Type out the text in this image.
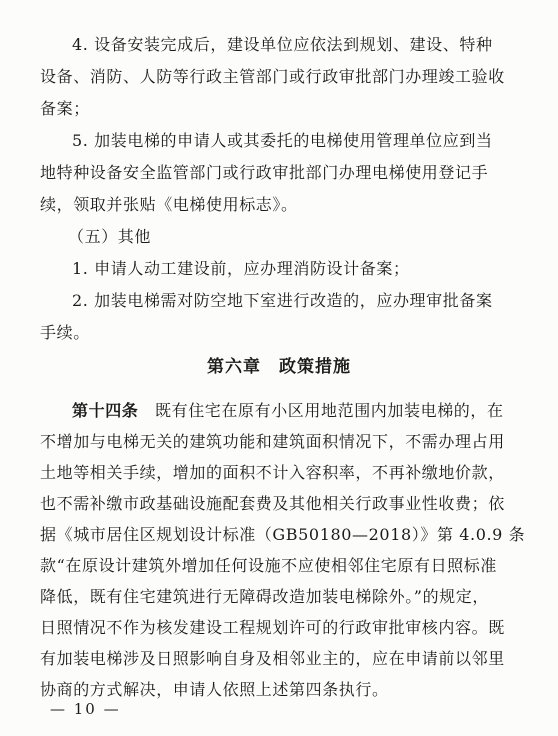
4. 设备安装完成后，建设单位应依法到规划、建设、特种
设备、消防、人防等行政主管部门或行政审批部门办理竣工验收
备案；
5. 加装电梯的申请人或其委托的电梯使用管理单位应到当
地特种设备安全监管部门或行政审批部门办理电梯使用登记手
续，领取并张贴《电梯使用标志》。
（五）其他
1. 申请人动工建设前，应办理消防设计备案；
2. 加装电梯需对防空地下室进行改造的，应办理审批备案
手续。
第六章　政策措施
第十四条　既有住宅在原有小区用地范围内加装电梯的，在
不增加与电梯无关的建筑功能和建筑面积情况下，不需办理占用
土地等相关手续，增加的面积不计入容积率，不再补缴地价款，
也不需补缴市政基础设施配套费及其他相关行政事业性收费；依
据《城市居住区规划设计标准（GB50180—2018）》第 4.0.9 条
款“在原设计建筑外增加任何设施不应使相邻住宅原有日照标准
降低，既有住宅建筑进行无障碍改造加装电梯除外。”的规定，
日照情况不作为核发建设工程规划许可的行政审批审核内容。既
有加装电梯涉及日照影响自身及相邻业主的，应在申请前以邻里
— 10 —
协商的方式解决，申请人依照上述第四条执行。
